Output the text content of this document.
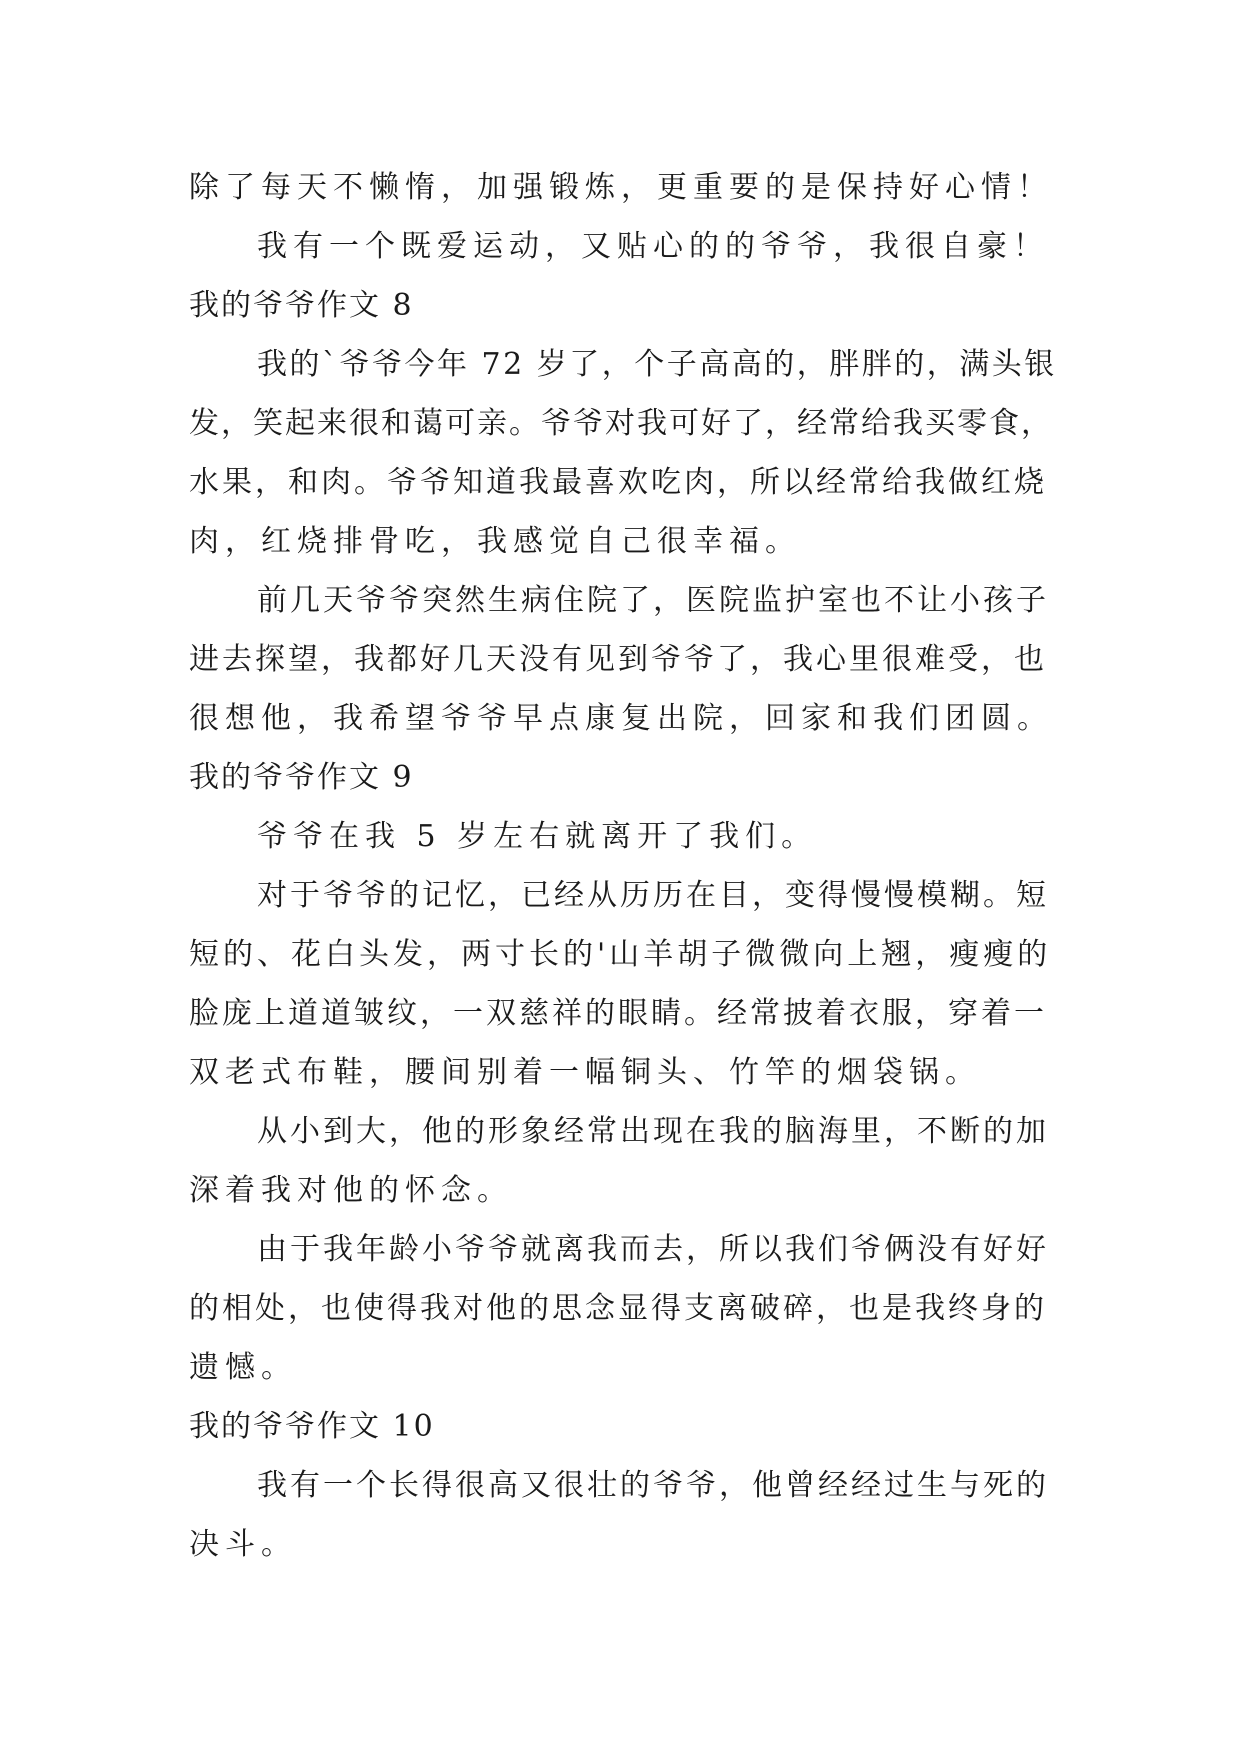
除了每天不懒惰，加强锻炼，更重要的是保持好心情！
我有一个既爱运动，又贴心的的爷爷，我很自豪！
我的爷爷作文 8
我的`爷爷今年 72 岁了，个子高高的，胖胖的，满头银
发，笑起来很和蔼可亲。爷爷对我可好了，经常给我买零食，
水果，和肉。爷爷知道我最喜欢吃肉，所以经常给我做红烧
肉，红烧排骨吃，我感觉自己很幸福。
前几天爷爷突然生病住院了，医院监护室也不让小孩子
进去探望，我都好几天没有见到爷爷了，我心里很难受，也
很想他，我希望爷爷早点康复出院，回家和我们团圆。
我的爷爷作文 9
爷爷在我 5 岁左右就离开了我们。
对于爷爷的记忆，已经从历历在目，变得慢慢模糊。短
短的、花白头发，两寸长的'山羊胡子微微向上翘，瘦瘦的
脸庞上道道皱纹，一双慈祥的眼睛。经常披着衣服，穿着一
双老式布鞋，腰间别着一幅铜头、竹竿的烟袋锅。
从小到大，他的形象经常出现在我的脑海里，不断的加
深着我对他的怀念。
由于我年龄小爷爷就离我而去，所以我们爷俩没有好好
的相处，也使得我对他的思念显得支离破碎，也是我终身的
遗憾。
我的爷爷作文 10
我有一个长得很高又很壮的爷爷，他曾经经过生与死的
决斗。
